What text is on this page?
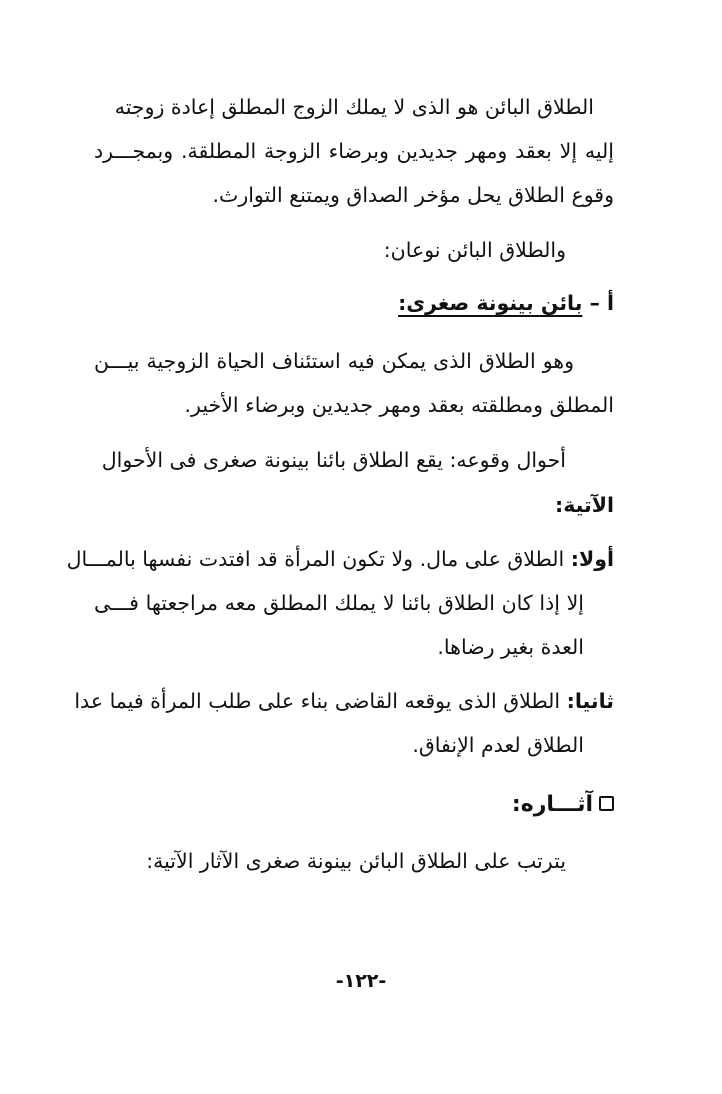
الطلاق البائن هو الذى لا يملك الزوج المطلق إعادة زوجته
إليه إلا بعقد ومهر جديدين وبرضاء الزوجة المطلقة. وبمجـــرد
وقوع الطلاق يحل مؤخر الصداق ويمتنع التوارث.
والطلاق البائن نوعان:
أ – بائن بينونة صغرى:
وهو الطلاق الذى يمكن فيه استئناف الحياة الزوجية بيـــن
المطلق ومطلقته بعقد ومهر جديدين وبرضاء الأخير.
أحوال وقوعه: يقع الطلاق بائنا بينونة صغرى فى الأحوال
الآتية:
أولا: الطلاق على مال. ولا تكون المرأة قد افتدت نفسها بالمـــال
إلا إذا كان الطلاق بائنا لا يملك المطلق معه مراجعتها فـــى
العدة بغير رضاها.
ثانيا: الطلاق الذى يوقعه القاضى بناء على طلب المرأة فيما عدا
الطلاق لعدم الإنفاق.
آثـــاره:
يترتب على الطلاق البائن بينونة صغرى الآثار الآتية:
-١٢٢-
